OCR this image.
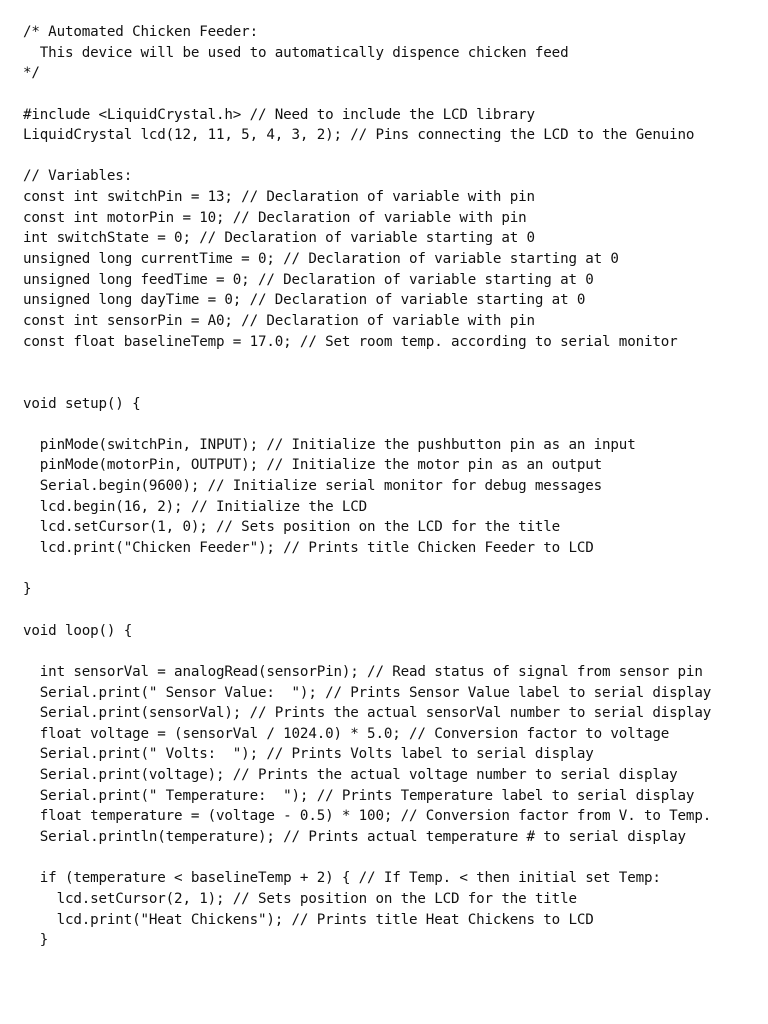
/* Automated Chicken Feeder:
This device will be used to automatically dispence chicken feed
*/
#include <LiquidCrystal.h> // Need to include the LCD library
LiquidCrystal lcd(12, 11, 5, 4, 3, 2); // Pins connecting the LCD to the Genuino
// Variables:
const int switchPin = 13; // Declaration of variable with pin
const int motorPin = 10; // Declaration of variable with pin
int switchState = 0; // Declaration of variable starting at 0
unsigned long currentTime = 0; // Declaration of variable starting at 0
unsigned long feedTime = 0; // Declaration of variable starting at 0
unsigned long dayTime = 0; // Declaration of variable starting at 0
const int sensorPin = A0; // Declaration of variable with pin
const float baselineTemp = 17.0; // Set room temp. according to serial monitor
void setup() {
pinMode(switchPin, INPUT); // Initialize the pushbutton pin as an input
pinMode(motorPin, OUTPUT); // Initialize the motor pin as an output
Serial.begin(9600); // Initialize serial monitor for debug messages
lcd.begin(16, 2); // Initialize the LCD
lcd.setCursor(1, 0); // Sets position on the LCD for the title
lcd.print("Chicken Feeder"); // Prints title Chicken Feeder to LCD
}
void loop() {
int sensorVal = analogRead(sensorPin); // Read status of signal from sensor pin
Serial.print(" Sensor Value:  "); // Prints Sensor Value label to serial display
Serial.print(sensorVal); // Prints the actual sensorVal number to serial display
float voltage = (sensorVal / 1024.0) * 5.0; // Conversion factor to voltage
Serial.print(" Volts:  "); // Prints Volts label to serial display
Serial.print(voltage); // Prints the actual voltage number to serial display
Serial.print(" Temperature:  "); // Prints Temperature label to serial display
float temperature = (voltage - 0.5) * 100; // Conversion factor from V. to Temp.
Serial.println(temperature); // Prints actual temperature # to serial display
if (temperature < baselineTemp + 2) { // If Temp. < then initial set Temp:
lcd.setCursor(2, 1); // Sets position on the LCD for the title
lcd.print("Heat Chickens"); // Prints title Heat Chickens to LCD
}
